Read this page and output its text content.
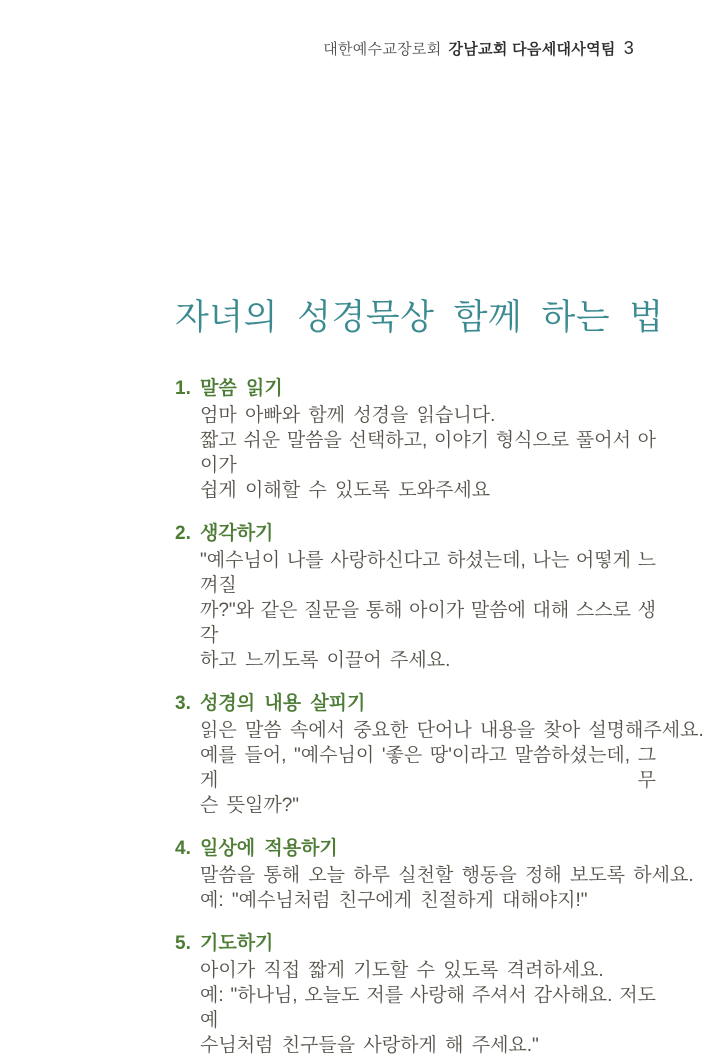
대한예수교장로회 강남교회 다음세대사역팀 3
자녀의 성경묵상 함께 하는 법
1. 말씀 읽기
엄마 아빠와 함께 성경을 읽습니다.
짧고 쉬운 말씀을 선택하고, 이야기 형식으로 풀어서 아이가
쉽게 이해할 수 있도록 도와주세요
2. 생각하기
"예수님이 나를 사랑하신다고 하셨는데, 나는 어떻게 느껴질
까?"와 같은 질문을 통해 아이가 말씀에 대해 스스로 생각
하고 느끼도록 이끌어 주세요.
3. 성경의 내용 살피기
읽은 말씀 속에서 중요한 단어나 내용을 찾아 설명해주세요.
예를 들어, "예수님이 '좋은 땅'이라고 말씀하셨는데, 그게 무
슨 뜻일까?"
4. 일상에 적용하기
말씀을 통해 오늘 하루 실천할 행동을 정해 보도록 하세요.
예: "예수님처럼 친구에게 친절하게 대해야지!"
5. 기도하기
아이가 직접 짧게 기도할 수 있도록 격려하세요.
예: "하나님, 오늘도 저를 사랑해 주셔서 감사해요. 저도 예
수님처럼 친구들을 사랑하게 해 주세요."
